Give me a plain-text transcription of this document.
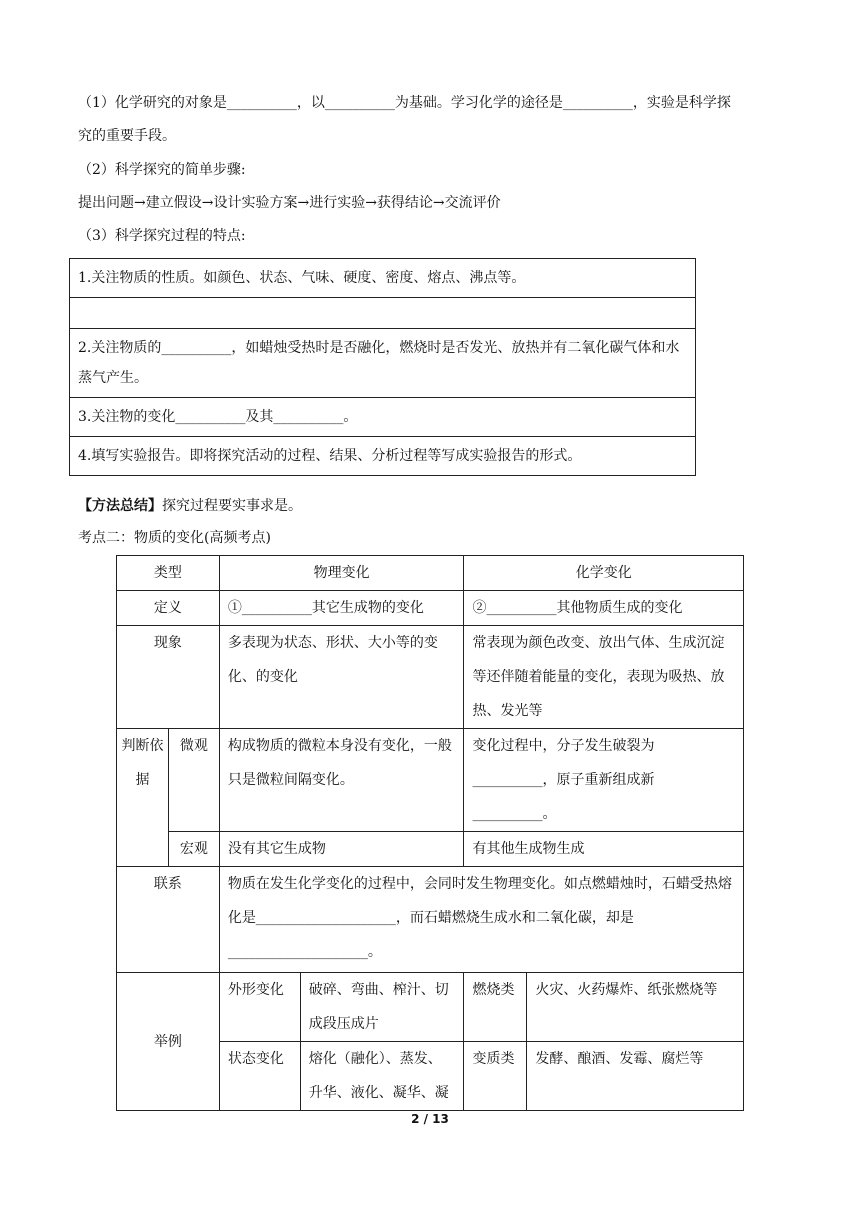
（1）化学研究的对象是__________，以__________为基础。学习化学的途径是__________，实验是科学探
究的重要手段。
（2）科学探究的简单步骤:
提出问题→建立假设→设计实验方案→进行实验→获得结论→交流评价
（3）科学探究过程的特点:
1.关注物质的性质。如颜色、状态、气味、硬度、密度、熔点、沸点等。

2.关注物质的__________，如蜡烛受热时是否融化，燃烧时是否发光、放热并有二氧化碳气体和水蒸气产生。
3.关注物的变化__________及其__________。
4.填写实验报告。即将探究活动的过程、结果、分析过程等写成实验报告的形式。
【方法总结】探究过程要实事求是。
考点二：物质的变化(高频考点)
类型		物理变化		化学变化	
定义		①__________其它生成物的变化		②__________其他物质生成的变化	
现象		多表现为状态、形状、大小等的变化、的变化		常表现为颜色改变、放出气体、生成沉淀等还伴随着能量的变化，表现为吸热、放热、发光等	
判断依据	微观	构成物质的微粒本身没有变化，一般只是微粒间隔变化。		变化过程中，分子发生破裂为__________，原子重新组成新__________。	
	宏观	没有其它生成物		有其他生成物生成	
联系		物质在发生化学变化的过程中，会同时发生物理变化。如点燃蜡烛时，石蜡受热熔化是____________________，而石蜡燃烧生成水和二氧化碳，却是____________________。			
举例		外形变化	破碎、弯曲、榨汁、切成段压成片	燃烧类	火灾、火药爆炸、纸张燃烧等
		状态变化	熔化（融化）、蒸发、升华、液化、凝华、凝	变质类	发酵、酿酒、发霉、腐烂等
2 / 13
